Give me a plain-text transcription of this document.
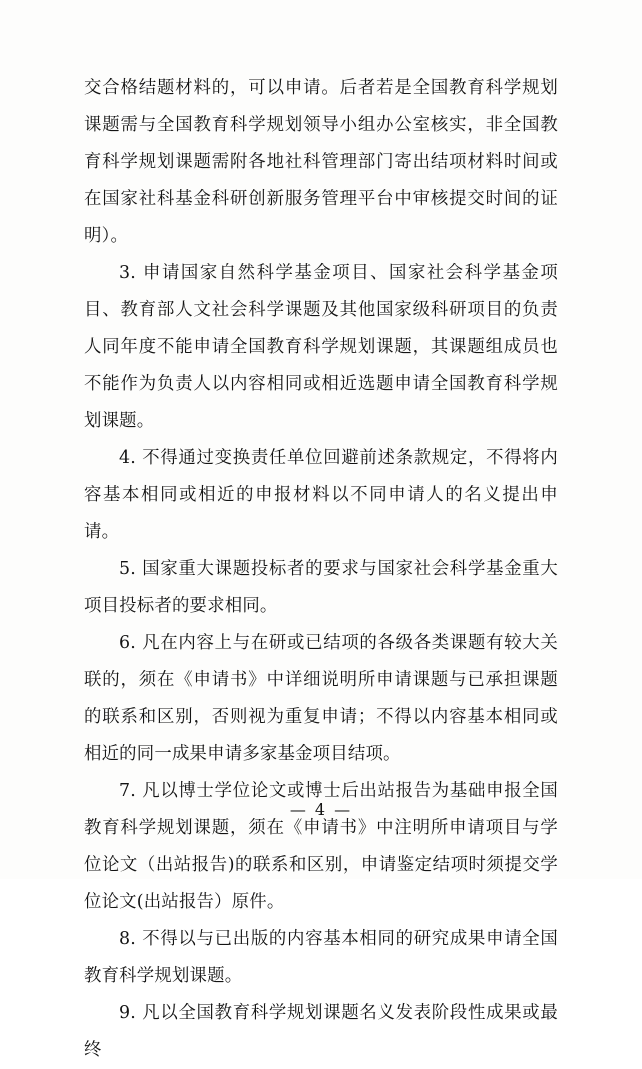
交合格结题材料的，可以申请。后者若是全国教育科学规划课题需与全国教育科学规划领导小组办公室核实，非全国教育科学规划课题需附各地社科管理部门寄出结项材料时间或在国家社科基金科研创新服务管理平台中审核提交时间的证明）。

3. 申请国家自然科学基金项目、国家社会科学基金项目、教育部人文社会科学课题及其他国家级科研项目的负责人同年度不能申请全国教育科学规划课题，其课题组成员也不能作为负责人以内容相同或相近选题申请全国教育科学规划课题。

4. 不得通过变换责任单位回避前述条款规定，不得将内容基本相同或相近的申报材料以不同申请人的名义提出申请。

5. 国家重大课题投标者的要求与国家社会科学基金重大项目投标者的要求相同。

6. 凡在内容上与在研或已结项的各级各类课题有较大关联的，须在《申请书》中详细说明所申请课题与已承担课题的联系和区别，否则视为重复申请；不得以内容基本相同或相近的同一成果申请多家基金项目结项。

7. 凡以博士学位论文或博士后出站报告为基础申报全国教育科学规划课题，须在《申请书》中注明所申请项目与学位论文（出站报告)的联系和区别，申请鉴定结项时须提交学位论文(出站报告）原件。

8. 不得以与已出版的内容基本相同的研究成果申请全国教育科学规划课题。

9. 凡以全国教育科学规划课题名义发表阶段性成果或最终

— 4 —
